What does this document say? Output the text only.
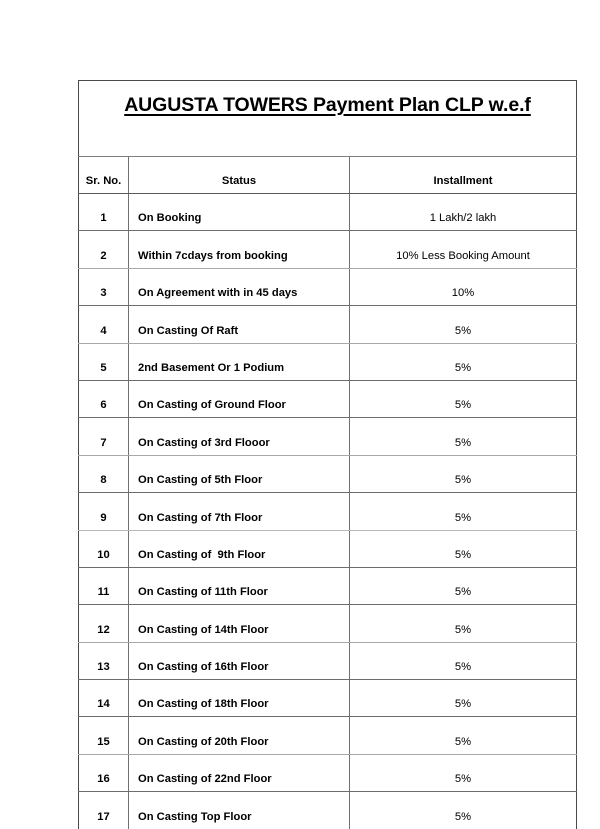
AUGUSTA TOWERS Payment Plan CLP w.e.f		
Sr. No.	Status	Installment
1	On Booking	1 Lakh/2 lakh
2	Within 7cdays from booking	10% Less Booking Amount
3	On Agreement with in 45 days	10%
4	On Casting Of Raft	5%
5	2nd Basement Or 1 Podium	5%
6	On Casting of Ground Floor	5%
7	On Casting of 3rd Flooor	5%
8	On Casting of 5th Floor	5%
9	On Casting of 7th Floor	5%
10	On Casting of  9th Floor	5%
11	On Casting of 11th Floor	5%
12	On Casting of 14th Floor	5%
13	On Casting of 16th Floor	5%
14	On Casting of 18th Floor	5%
15	On Casting of 20th Floor	5%
16	On Casting of 22nd Floor	5%
17	On Casting Top Floor	5%
